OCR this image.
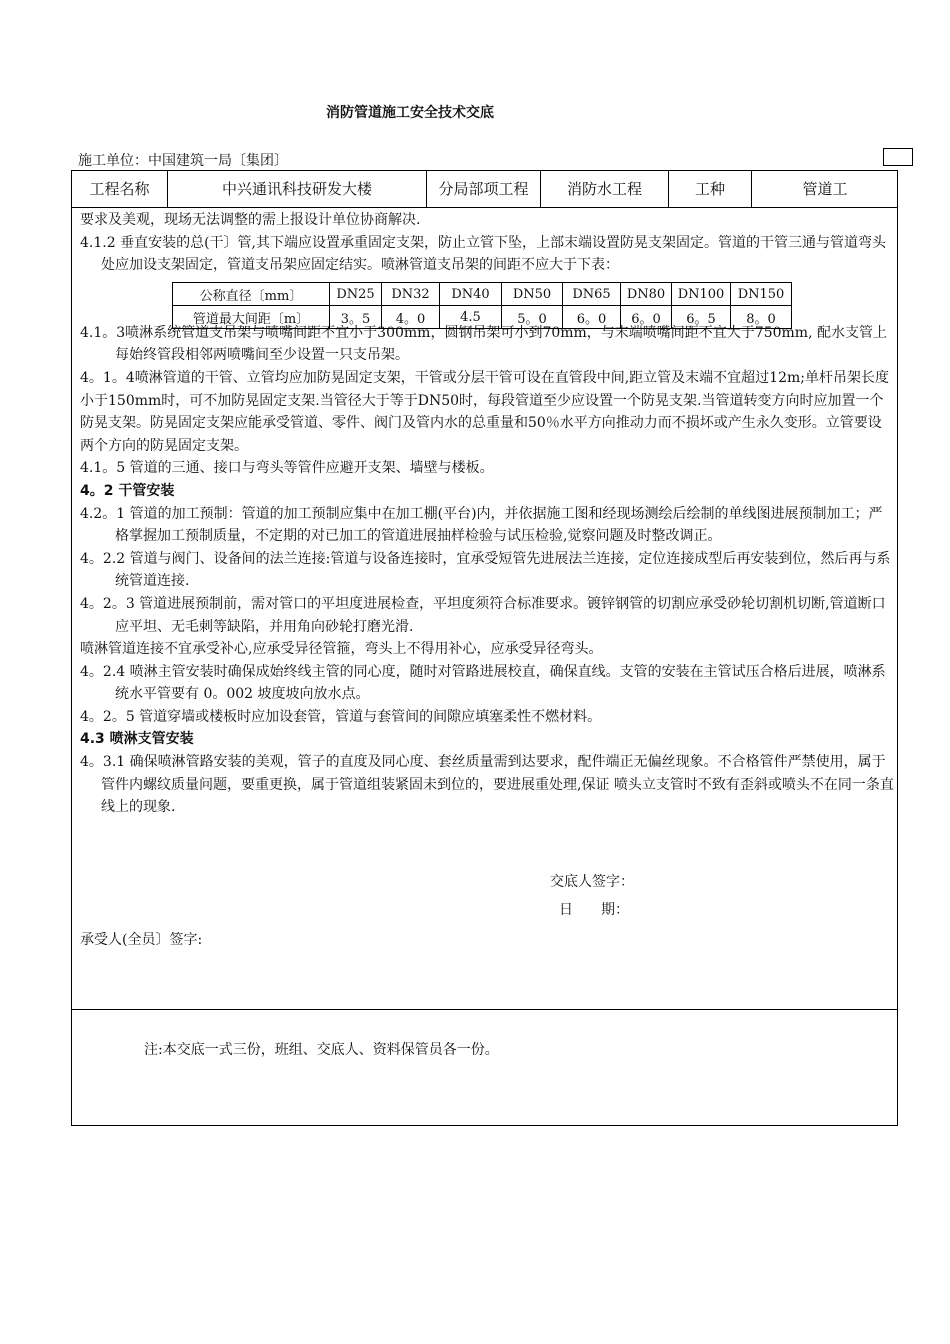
消防管道施工安全技术交底
施工单位：中国建筑一局〔集团〕
工程名称	中兴通讯科技研发大楼	分局部项工程	消防水工程	工种	管道工

要求及美观，现场无法调整的需上报设计单位协商解决.

4.1.2 垂直安装的总(干〕管,其下端应设置承重固定支架，防止立管下坠，上部末端设置防晃支架固定。管道的干管三通与管道弯头处应加设支架固定，管道支吊架应固定结实。喷淋管道支吊架的间距不应大于下表：

4.1。3喷淋系统管道支吊架与喷嘴间距不宜小于300mm，圆钢吊架可小到70mm，与末端喷嘴间距不宜大于750mm, 配水支管上每始终管段相邻两喷嘴间至少设置一只支吊架。

4。1。4喷淋管道的干管、立管均应加防晃固定支架，干管或分层干管可设在直管段中间,距立管及末端不宜超过12m;单杆吊架长度小于150mm时，可不加防晃固定支架.当管径大于等于DN50时，每段管道至少应设置一个防晃支架.当管道转变方向时应加置一个防晃支架。防晃固定支架应能承受管道、零件、阀门及管内水的总重量和50％水平方向推动力而不损坏或产生永久变形。立管要设两个方向的防晃固定支架。

4.1。5 管道的三通、接口与弯头等管件应避开支架、墙壁与楼板。

4。2 干管安装

4.2。1 管道的加工预制：管道的加工预制应集中在加工棚(平台)内，并依据施工图和经现场测绘后绘制的单线图进展预制加工；严格掌握加工预制质量，不定期的对已加工的管道进展抽样检验与试压检验,觉察问题及时整改调正。

4。2.2 管道与阀门、设备间的法兰连接:管道与设备连接时，宜承受短管先进展法兰连接，定位连接成型后再安装到位，然后再与系统管道连接.

4。2。3 管道进展预制前，需对管口的平坦度进展检查，平坦度须符合标准要求。镀锌钢管的切割应承受砂轮切割机切断,管道断口应平坦、无毛刺等缺陷，并用角向砂轮打磨光滑.

喷淋管道连接不宜承受补心,应承受异径管箍，弯头上不得用补心，应承受异径弯头。

4。2.4 喷淋主管安装时确保成始终线主管的同心度，随时对管路进展校直，确保直线。支管的安装在主管试压合格后进展，喷淋系统水平管要有 0。002 坡度坡向放水点。

4。2。5 管道穿墙或楼板时应加设套管，管道与套管间的间隙应填塞柔性不燃材料。

4.3 喷淋支管安装

4。3.1 确保喷淋管路安装的美观，管子的直度及同心度、套丝质量需到达要求，配件端正无偏丝现象。不合格管件严禁使用，属于管件内螺纹质量问题，要重更换，属于管道组装紧固未到位的，要进展重处理,保证 喷头立支管时不致有歪斜或喷头不在同一条直线上的现象.

公称直径〔mm〕	DN25	DN32	DN40	DN50	DN65	DN80	DN100	DN150
管道最大间距〔m〕	3。5	4。0	4.5	5。0	6。0	6。0	6。5	8。0
交底人签字：
日　　期：
承受人(全员〕签字:
注:本交底一式三份，班组、交底人、资料保管员各一份。
